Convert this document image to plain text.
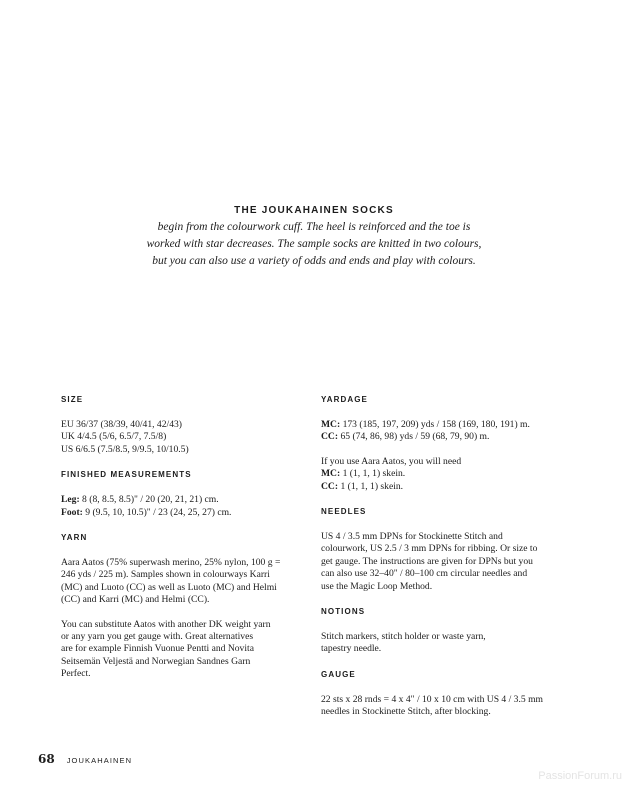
THE JOUKAHAINEN SOCKS
begin from the colourwork cuff. The heel is reinforced and the toe is
worked with star decreases. The sample socks are knitted in two colours,
but you can also use a variety of odds and ends and play with colours.
SIZE
EU 36/37 (38/39, 40/41, 42/43)
UK 4/4.5 (5/6, 6.5/7, 7.5/8)
US 6/6.5 (7.5/8.5, 9/9.5, 10/10.5)
FINISHED MEASUREMENTS
Leg: 8 (8, 8.5, 8.5)" / 20 (20, 21, 21) cm.
Foot: 9 (9.5, 10, 10.5)" / 23 (24, 25, 27) cm.
YARN
Aara Aatos (75% superwash merino, 25% nylon, 100 g =
246 yds / 225 m). Samples shown in colourways Karri
(MC) and Luoto (CC) as well as Luoto (MC) and Helmi
(CC) and Karri (MC) and Helmi (CC).
You can substitute Aatos with another DK weight yarn
or any yarn you get gauge with. Great alternatives
are for example Finnish Vuonue Pentti and Novita
Seitsemän Veljestä and Norwegian Sandnes Garn
Perfect.
YARDAGE
MC: 173 (185, 197, 209) yds / 158 (169, 180, 191) m.
CC: 65 (74, 86, 98) yds / 59 (68, 79, 90) m.
If you use Aara Aatos, you will need
MC: 1 (1, 1, 1) skein.
CC: 1 (1, 1, 1) skein.
NEEDLES
US 4 / 3.5 mm DPNs for Stockinette Stitch and
colourwork, US 2.5 / 3 mm DPNs for ribbing. Or size to
get gauge. The instructions are given for DPNs but you
can also use 32–40" / 80–100 cm circular needles and
use the Magic Loop Method.
NOTIONS
Stitch markers, stitch holder or waste yarn,
tapestry needle.
GAUGE
22 sts x 28 rnds = 4 x 4" / 10 x 10 cm with US 4 / 3.5 mm
needles in Stockinette Stitch, after blocking.
68 JOUKAHAINEN
PassionForum.ru
